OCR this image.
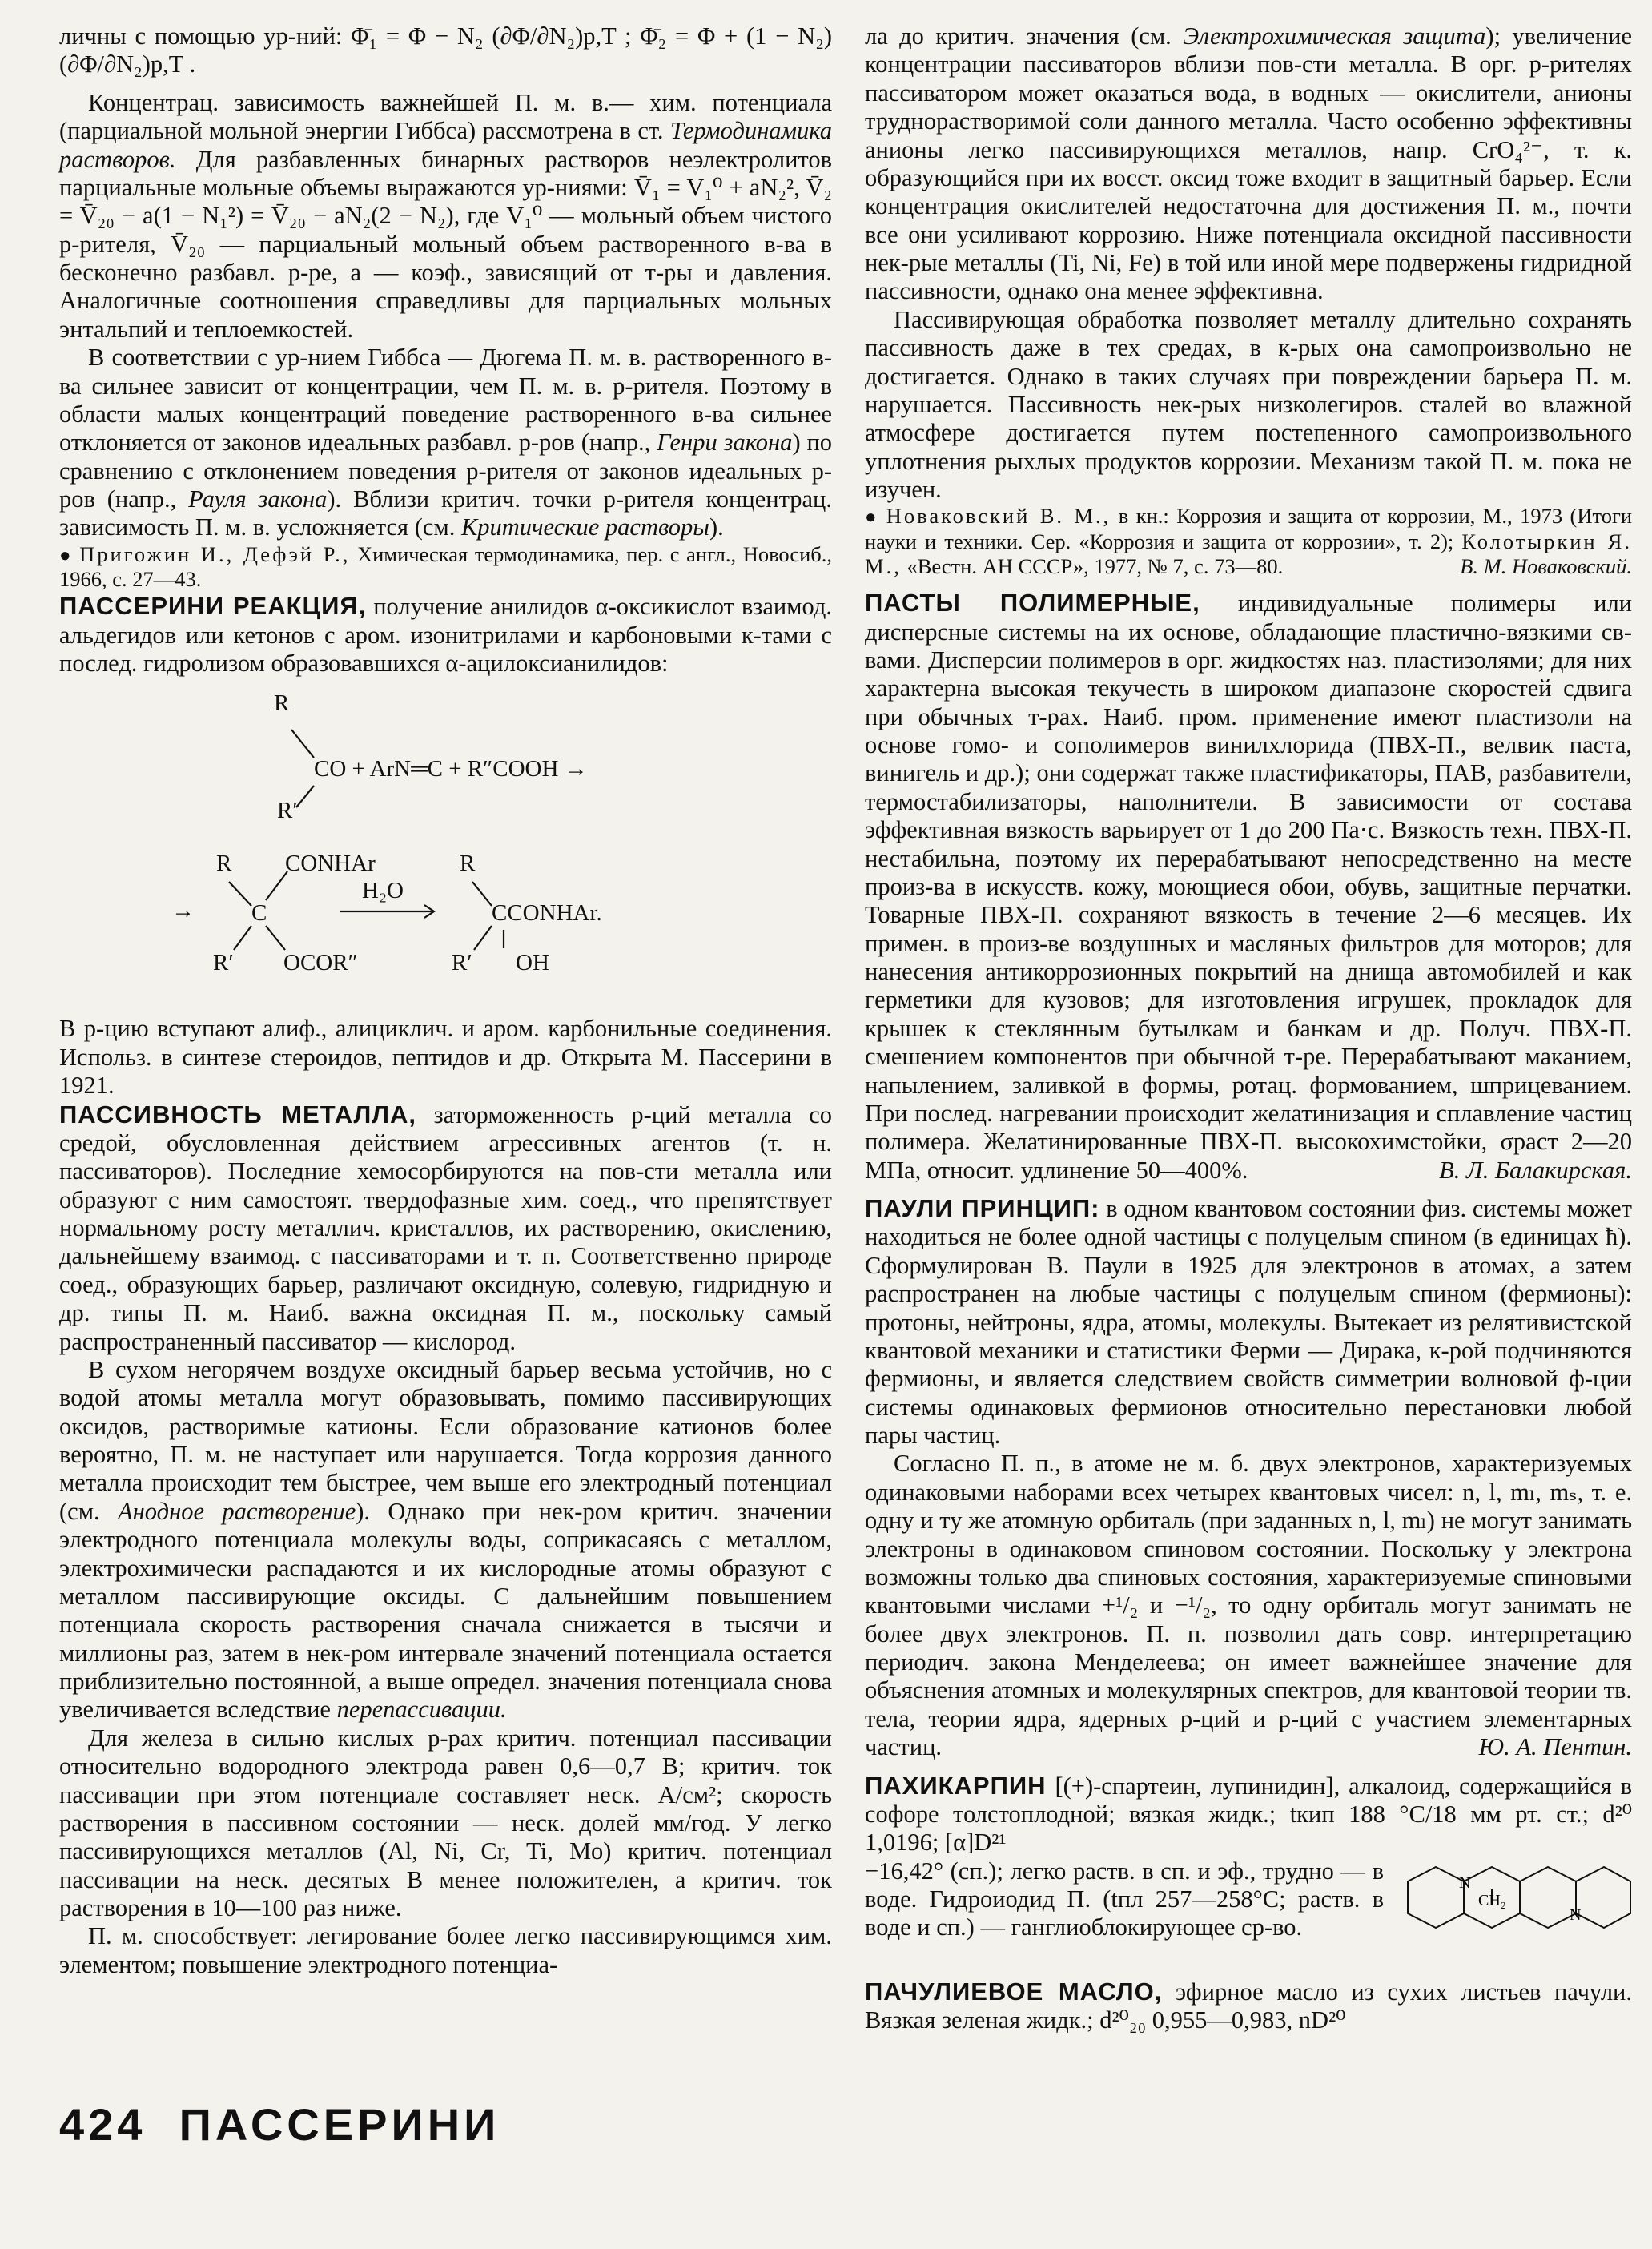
личны с помощью ур-ний: Φ̄₁ = Φ − N₂ (∂Φ/∂N₂)p,T ; Φ̄₂ = Φ + (1 − N₂)(∂Φ/∂N₂)p,T .

Концентрац. зависимость важнейшей П. м. в.— хим. потенциала (парциальной мольной энергии Гиббса) рассмотрена в ст. Термодинамика растворов. Для разбавленных бинарных растворов неэлектролитов парциальные мольные объемы выражаются ур-ниями: V̄₁ = V₁⁰ + aN₂², V̄₂ = V̄₂₀ − a(1 − N₁²) = V̄₂₀ − aN₂(2 − N₂), где V₁⁰ — мольный объем чистого р-рителя, V̄₂₀ — парциальный мольный объем растворенного в-ва в бесконечно разбавл. р-ре, a — коэф., зависящий от т-ры и давления. Аналогичные соотношения справедливы для парциальных мольных энтальпий и теплоемкостей.

В соответствии с ур-нием Гиббса — Дюгема П. м. в. растворенного в-ва сильнее зависит от концентрации, чем П. м. в. р-рителя. Поэтому в области малых концентраций поведение растворенного в-ва сильнее отклоняется от законов идеальных разбавл. р-ров (напр., Генри закона) по сравнению с отклонением поведения р-рителя от законов идеальных р-ров (напр., Рауля закона). Вблизи критич. точки р-рителя концентрац. зависимость П. м. в. усложняется (см. Критические растворы).

● Пригожин И., Дефэй Р., Химическая термодинамика, пер. с англ., Новосиб., 1966, с. 27—43.

ПАССЕРИНИ РЕАКЦИЯ, получение анилидов α-оксикислот взаимод. альдегидов или кетонов с аром. изонитрилами и карбоновыми к-тами с послед. гидролизом образовавшихся α-ацилоксианилидов:

R
CO + ArN═C + R″COOH →
R′
→
R CONHAr
C
R′ OCOR″
H₂O
R
CCONHAr.
R′ OH

В р-цию вступают алиф., алициклич. и аром. карбонильные соединения. Использ. в синтезе стероидов, пептидов и др. Открыта М. Пассерини в 1921.

ПАССИВНОСТЬ МЕТАЛЛА, заторможенность р-ций металла со средой, обусловленная действием агрессивных агентов (т. н. пассиваторов). Последние хемосорбируются на пов-сти металла или образуют с ним самостоят. твердофазные хим. соед., что препятствует нормальному росту металлич. кристаллов, их растворению, окислению, дальнейшему взаимод. с пассиваторами и т. п. Соответственно природе соед., образующих барьер, различают оксидную, солевую, гидридную и др. типы П. м. Наиб. важна оксидная П. м., поскольку самый распространенный пассиватор — кислород.

В сухом негорячем воздухе оксидный барьер весьма устойчив, но с водой атомы металла могут образовывать, помимо пассивирующих оксидов, растворимые катионы. Если образование катионов более вероятно, П. м. не наступает или нарушается. Тогда коррозия данного металла происходит тем быстрее, чем выше его электродный потенциал (см. Анодное растворение). Однако при нек-ром критич. значении электродного потенциала молекулы воды, соприкасаясь с металлом, электрохимически распадаются и их кислородные атомы образуют с металлом пассивирующие оксиды. С дальнейшим повышением потенциала скорость растворения сначала снижается в тысячи и миллионы раз, затем в нек-ром интервале значений потенциала остается приблизительно постоянной, а выше определ. значения потенциала снова увеличивается вследствие перепассивации.

Для железа в сильно кислых р-рах критич. потенциал пассивации относительно водородного электрода равен 0,6—0,7 В; критич. ток пассивации при этом потенциале составляет неск. А/см²; скорость растворения в пассивном состоянии — неск. долей мм/год. У легко пассивирующихся металлов (Al, Ni, Cr, Ti, Mo) критич. потенциал пассивации на неск. десятых В менее положителен, а критич. ток растворения в 10—100 раз ниже.

П. м. способствует: легирование более легко пассивирующимся хим. элементом; повышение электродного потенциа-

ла до критич. значения (см. Электрохимическая защита); увеличение концентрации пассиваторов вблизи пов-сти металла. В орг. р-рителях пассиватором может оказаться вода, в водных — окислители, анионы труднорастворимой соли данного металла. Часто особенно эффективны анионы легко пассивирующихся металлов, напр. CrO₄²⁻, т. к. образующийся при их восст. оксид тоже входит в защитный барьер. Если концентрация окислителей недостаточна для достижения П. м., почти все они усиливают коррозию. Ниже потенциала оксидной пассивности нек-рые металлы (Ti, Ni, Fe) в той или иной мере подвержены гидридной пассивности, однако она менее эффективна.

Пассивирующая обработка позволяет металлу длительно сохранять пассивность даже в тех средах, в к-рых она самопроизвольно не достигается. Однако в таких случаях при повреждении барьера П. м. нарушается. Пассивность нек-рых низколегиров. сталей во влажной атмосфере достигается путем постепенного самопроизвольного уплотнения рыхлых продуктов коррозии. Механизм такой П. м. пока не изучен.

● Новаковский В. М., в кн.: Коррозия и защита от коррозии, М., 1973 (Итоги науки и техники. Сер. «Коррозия и защита от коррозии», т. 2); Колотыркин Я. М., «Вестн. АН СССР», 1977, № 7, с. 73—80.	В. М. Новаковский.

ПАСТЫ ПОЛИМЕРНЫЕ, индивидуальные полимеры или дисперсные системы на их основе, обладающие пластично-вязкими св-вами. Дисперсии полимеров в орг. жидкостях наз. пластизолями; для них характерна высокая текучесть в широком диапазоне скоростей сдвига при обычных т-рах. Наиб. пром. применение имеют пластизоли на основе гомо- и сополимеров винилхлорида (ПВХ-П., велвик паста, винигель и др.); они содержат также пластификаторы, ПАВ, разбавители, термостабилизаторы, наполнители. В зависимости от состава эффективная вязкость варьирует от 1 до 200 Па·с. Вязкость техн. ПВХ-П. нестабильна, поэтому их перерабатывают непосредственно на месте произ-ва в искусств. кожу, моющиеся обои, обувь, защитные перчатки. Товарные ПВХ-П. сохраняют вязкость в течение 2—6 месяцев. Их примен. в произ-ве воздушных и масляных фильтров для моторов; для нанесения антикоррозионных покрытий на днища автомобилей и как герметики для кузовов; для изготовления игрушек, прокладок для крышек к стеклянным бутылкам и банкам и др. Получ. ПВХ-П. смешением компонентов при обычной т-ре. Перерабатывают маканием, напылением, заливкой в формы, ротац. формованием, шприцеванием. При послед. нагревании происходит желатинизация и сплавление частиц полимера. Желатинированные ПВХ-П. высокохимстойки, σраст 2—20 МПа, относит. удлинение 50—400%.	В. Л. Балакирская.

ПАУЛИ ПРИНЦИП: в одном квантовом состоянии физ. системы может находиться не более одной частицы с полуцелым спином (в единицах ħ). Сформулирован В. Паули в 1925 для электронов в атомах, а затем распространен на любые частицы с полуцелым спином (фермионы): протоны, нейтроны, ядра, атомы, молекулы. Вытекает из релятивистской квантовой механики и статистики Ферми — Дирака, к-рой подчиняются фермионы, и является следствием свойств симметрии волновой ф-ции системы одинаковых фермионов относительно перестановки любой пары частиц.

Согласно П. п., в атоме не м. б. двух электронов, характеризуемых одинаковыми наборами всех четырех квантовых чисел: n, l, mₗ, mₛ, т. е. одну и ту же атомную орбиталь (при заданных n, l, mₗ) не могут занимать электроны в одинаковом спиновом состоянии. Поскольку у электрона возможны только два спиновых состояния, характеризуемые спиновыми квантовыми числами +¹/₂ и −¹/₂, то одну орбиталь могут занимать не более двух электронов. П. п. позволил дать совр. интерпретацию периодич. закона Менделеева; он имеет важнейшее значение для объяснения атомных и молекулярных спектров, для квантовой теории тв. тела, теории ядра, ядерных р-ций и р-ций с участием элементарных частиц.	Ю. А. Пентин.

ПАХИКАРПИН [(+)-спартеин, лупинидин], алкалоид, содержащийся в софоре толстоплодной; вязкая жидк.; tкип 188 °C/18 мм рт. ст.; d²⁰ 1,0196; [α]D²¹

N
CH₂
N

−16,42° (сп.); легко раств. в сп. и эф., трудно — в воде. Гидроиодид П. (tпл 257—258°C; раств. в воде и сп.) — ганглиоблокирующее ср-во.

ПАЧУЛИЕВОЕ МАСЛО, эфирное масло из сухих листьев пачули. Вязкая зеленая жидк.; d²⁰₂₀ 0,955—0,983, nD²⁰

424 ПАССЕРИНИ
